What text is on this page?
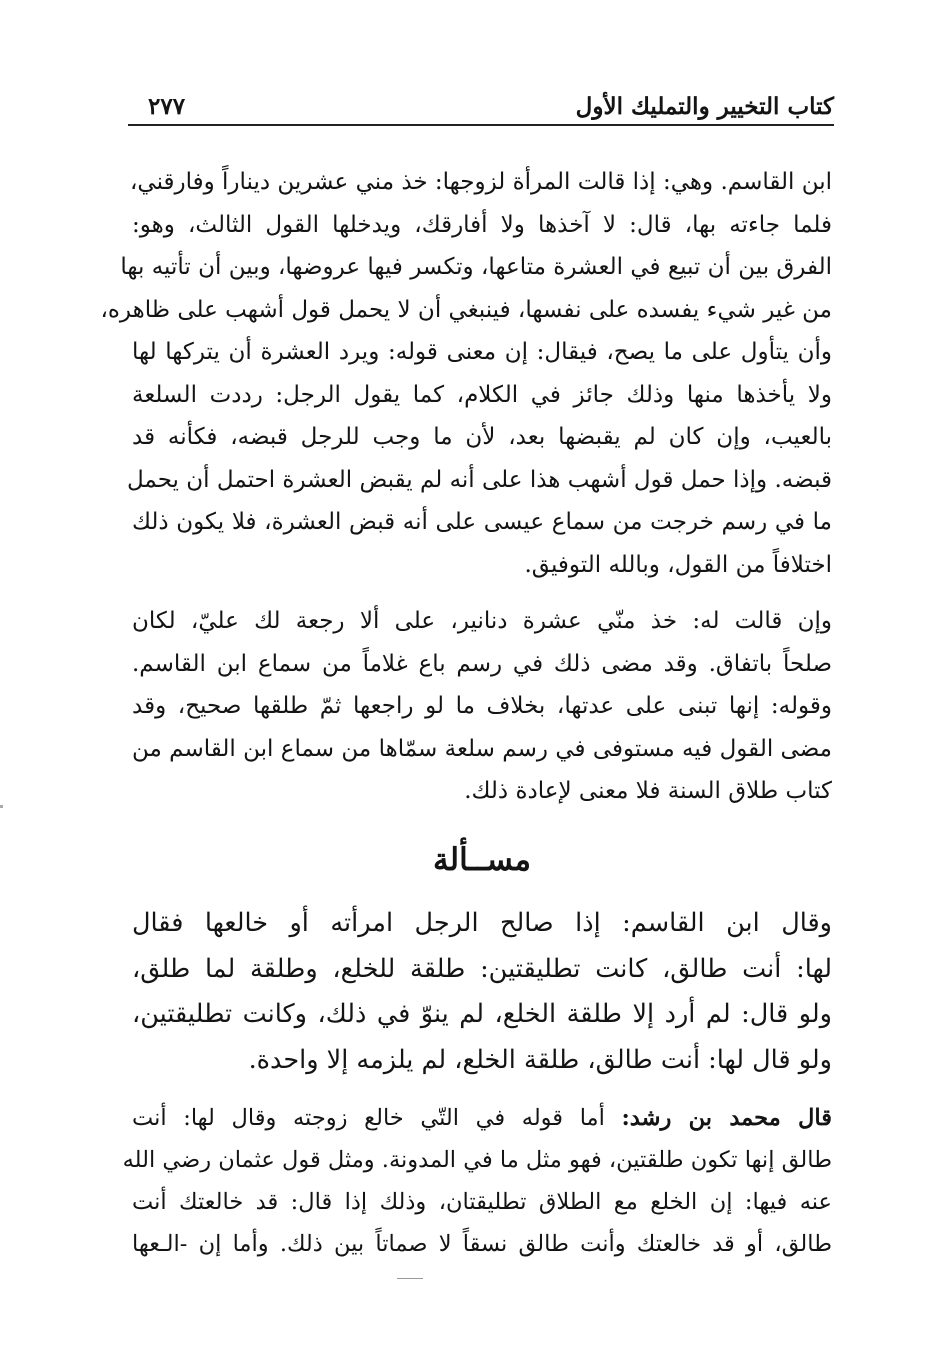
كتاب التخيير والتمليك الأول
٢٧٧
ابن القاسم. وهي: إذا قالت المرأة لزوجها: خذ مني عشرين ديناراً وفارقني،
فلما جاءته بها، قال: لا آخذها ولا أفارقك، ويدخلها القول الثالث، وهو:
الفرق بين أن تبيع في العشرة متاعها، وتكسر فيها عروضها، وبين أن تأتيه بها
من غير شيء يفسده على نفسها، فينبغي أن لا يحمل قول أشهب على ظاهره،
وأن يتأول على ما يصح، فيقال: إن معنى قوله: ويرد العشرة أن يتركها لها
ولا يأخذها منها وذلك جائز في الكلام، كما يقول الرجل: رددت السلعة
بالعيب، وإن كان لم يقبضها بعد، لأن ما وجب للرجل قبضه، فكأنه قد
قبضه. وإذا حمل قول أشهب هذا على أنه لم يقبض العشرة احتمل أن يحمل
ما في رسم خرجت من سماع عيسى على أنه قبض العشرة، فلا يكون ذلك
اختلافاً من القول، وبالله التوفيق.
وإن قالت له: خذ منّي عشرة دنانير، على ألا رجعة لك عليّ، لكان
صلحاً باتفاق. وقد مضى ذلك في رسم باع غلاماً من سماع ابن القاسم.
وقوله: إنها تبنى على عدتها، بخلاف ما لو راجعها ثمّ طلقها صحيح، وقد
مضى القول فيه مستوفى في رسم سلعة سمّاها من سماع ابن القاسم من
كتاب طلاق السنة فلا معنى لإعادة ذلك.
مســألة
وقال ابن القاسم: إذا صالح الرجل امرأته أو خالعها فقال
لها: أنت طالق، كانت تطليقتين: طلقة للخلع، وطلقة لما طلق،
ولو قال: لم أرد إلا طلقة الخلع، لم ينوّ في ذلك، وكانت تطليقتين،
ولو قال لها: أنت طالق، طلقة الخلع، لم يلزمه إلا واحدة.
قال محمد بن رشد: أما قوله في التّي خالع زوجته وقال لها: أنت
طالق إنها تكون طلقتين، فهو مثل ما في المدونة. ومثل قول عثمان رضي الله
عنه فيها: إن الخلع مع الطلاق تطليقتان، وذلك إذا قال: قد خالعتك أنت
طالق، أو قد خالعتك وأنت طالق نسقاً لا صماتاً بين ذلك. وأما إن -الـعها
